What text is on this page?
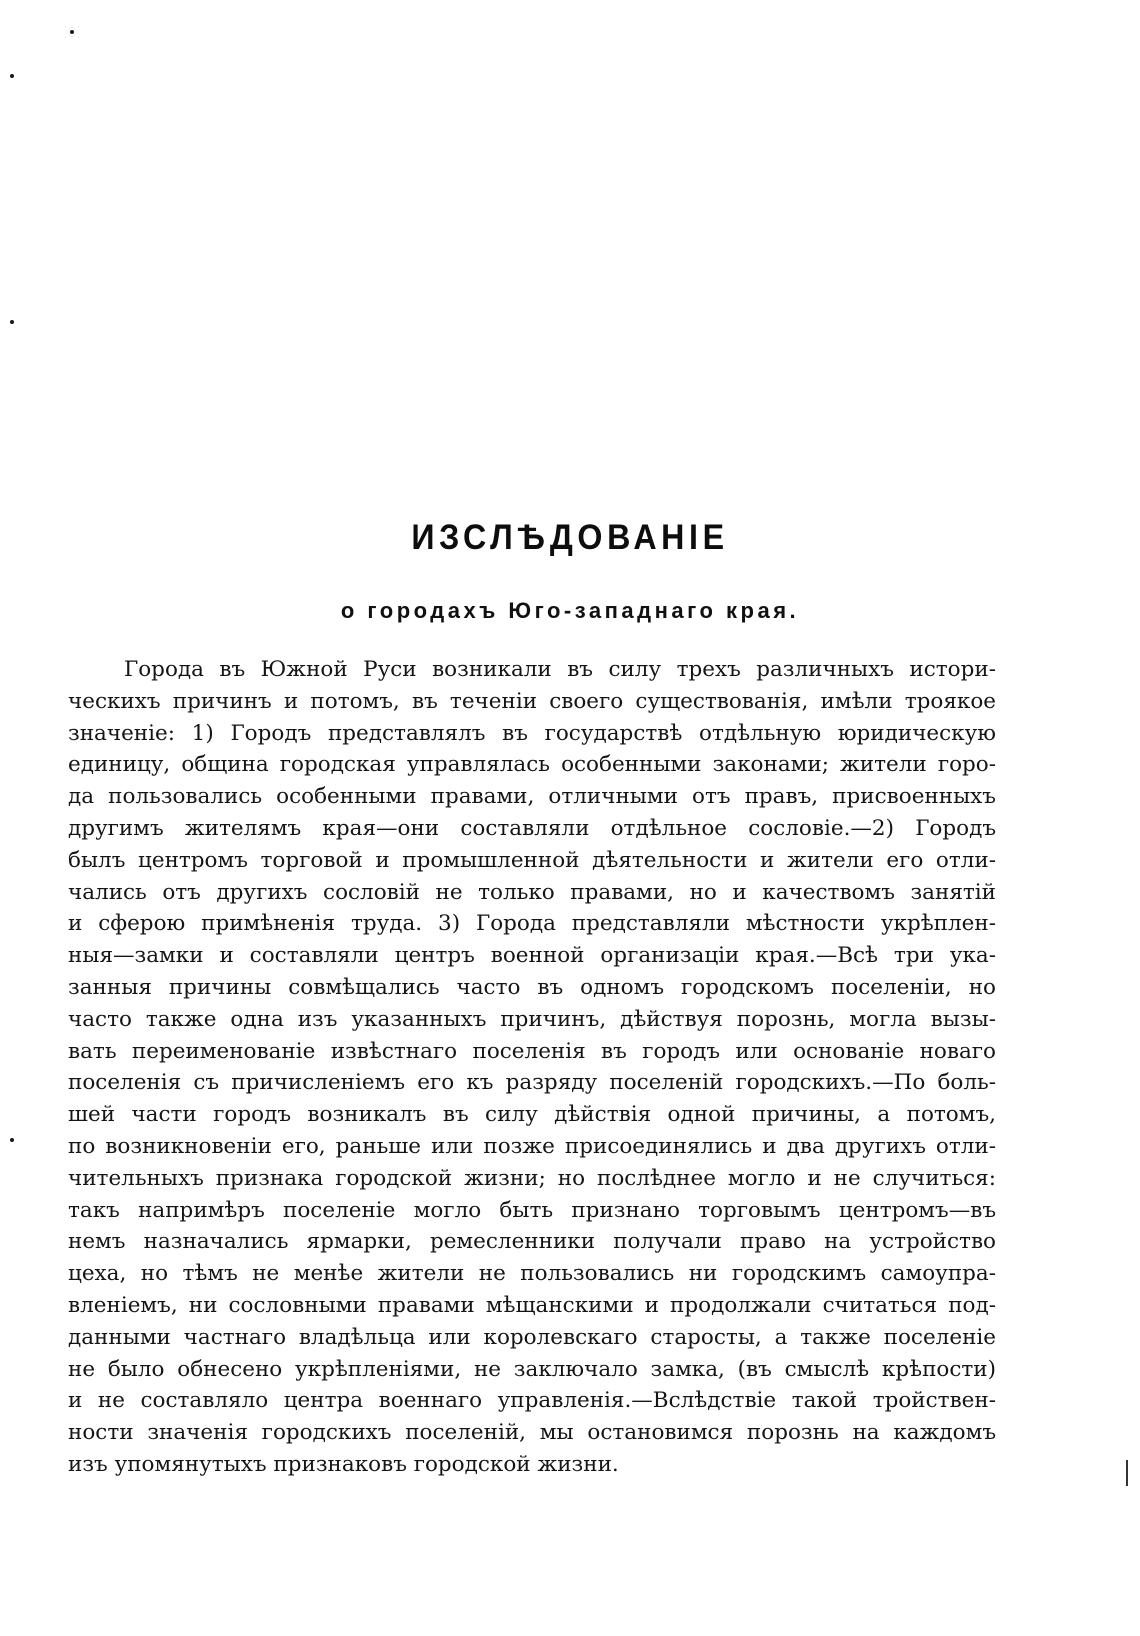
ИЗСЛѢДОВАНІЕ
о городахъ Юго-западнаго края.
Города въ Южной Руси возникали въ силу трехъ различныхъ истори-
ческихъ причинъ и потомъ, въ теченіи своего существованія, имѣли троякое
значеніе: 1) Городъ представлялъ въ государствѣ отдѣльную юридическую
единицу, община городская управлялась особенными законами; жители горо-
да пользовались особенными правами, отличными отъ правъ, присвоенныхъ
другимъ жителямъ края—они составляли отдѣльное сословіе.—2) Городъ
былъ центромъ торговой и промышленной дѣятельности и жители его отли-
чались отъ другихъ сословій не только правами, но и качествомъ занятій
и сферою примѣненія труда. 3) Города представляли мѣстности укрѣплен-
ныя—замки и составляли центръ военной организаціи края.—Всѣ три ука-
занныя причины совмѣщались часто въ одномъ городскомъ поселеніи, но
часто также одна изъ указанныхъ причинъ, дѣйствуя порознь, могла вызы-
вать переименованіе извѣстнаго поселенія въ городъ или основаніе новаго
поселенія съ причисленіемъ его къ разряду поселеній городскихъ.—По боль-
шей части городъ возникалъ въ силу дѣйствія одной причины, а потомъ,
по возникновеніи его, раньше или позже присоединялись и два другихъ отли-
чительныхъ признака городской жизни; но послѣднее могло и не случиться:
такъ напримѣръ поселеніе могло быть признано торговымъ центромъ—въ
немъ назначались ярмарки, ремесленники получали право на устройство
цеха, но тѣмъ не менѣе жители не пользовались ни городскимъ самоупра-
вленіемъ, ни сословными правами мѣщанскими и продолжали считаться под-
данными частнаго владѣльца или королевскаго старосты, а также поселеніе
не было обнесено укрѣпленіями, не заключало замка, (въ смыслѣ крѣпости)
и не составляло центра военнаго управленія.—Вслѣдствіе такой тройствен-
ности значенія городскихъ поселеній, мы остановимся порознь на каждомъ
изъ упомянутыхъ признаковъ городской жизни.
